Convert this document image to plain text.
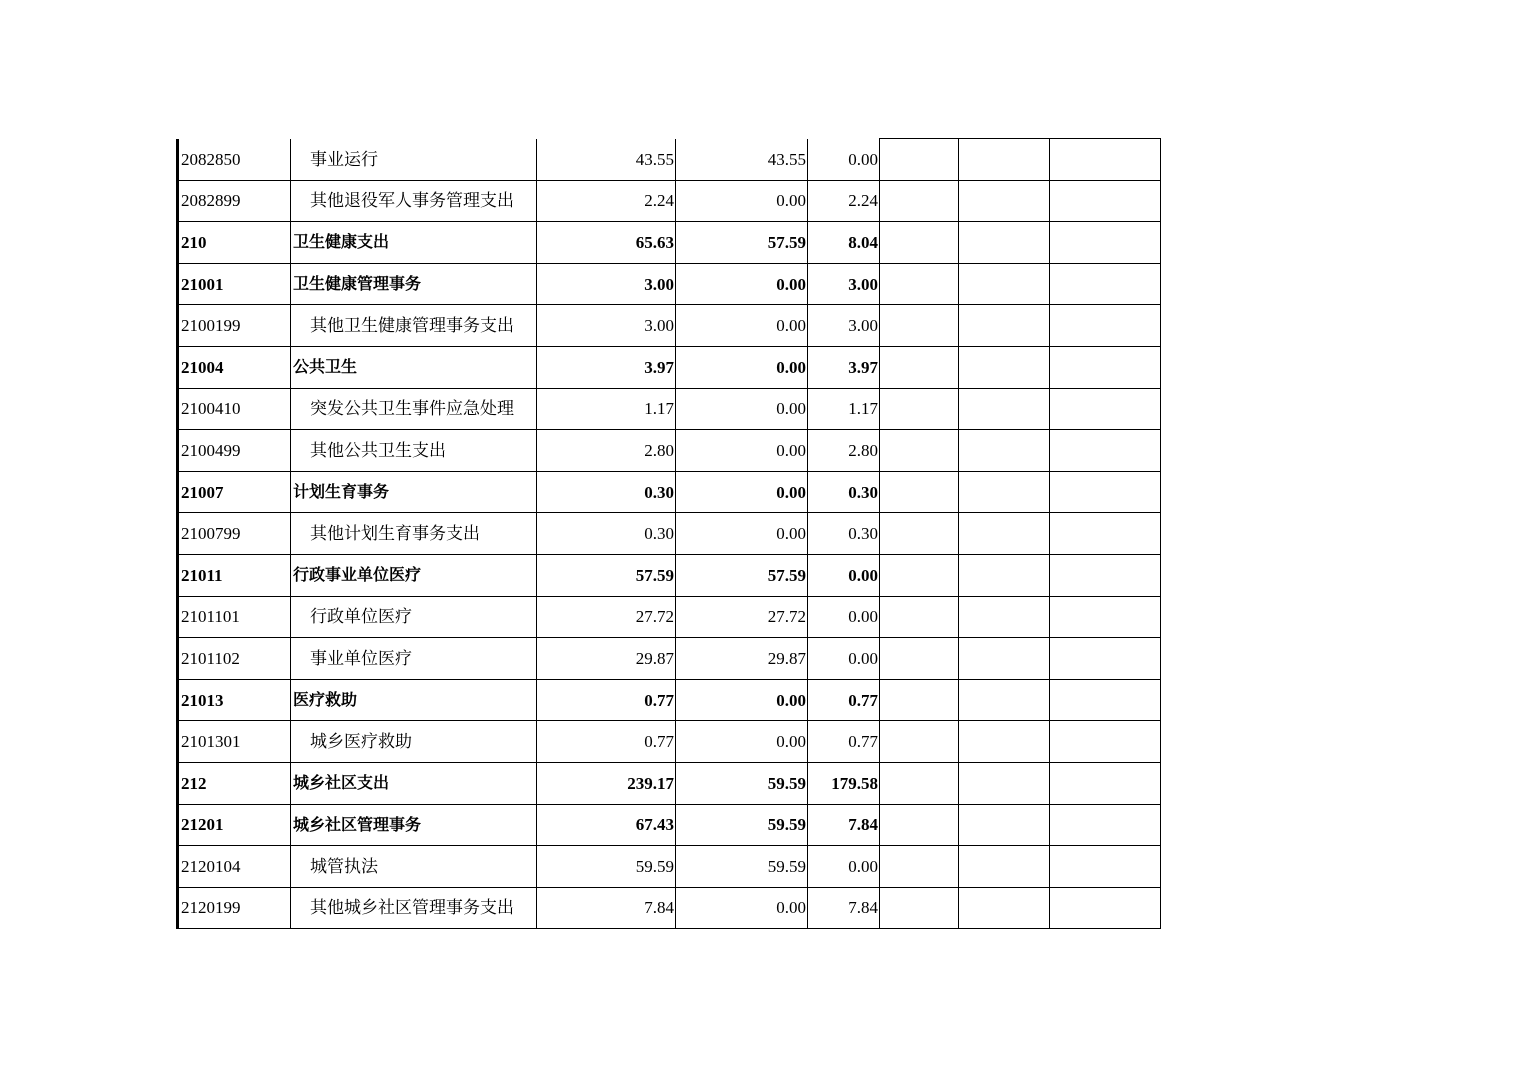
2082850	事业运行	43.55	43.55	0.00			
2082899	其他退役军人事务管理支出	2.24	0.00	2.24			
210	卫生健康支出	65.63	57.59	8.04			
21001	卫生健康管理事务	3.00	0.00	3.00			
2100199	其他卫生健康管理事务支出	3.00	0.00	3.00			
21004	公共卫生	3.97	0.00	3.97			
2100410	突发公共卫生事件应急处理	1.17	0.00	1.17			
2100499	其他公共卫生支出	2.80	0.00	2.80			
21007	计划生育事务	0.30	0.00	0.30			
2100799	其他计划生育事务支出	0.30	0.00	0.30			
21011	行政事业单位医疗	57.59	57.59	0.00			
2101101	行政单位医疗	27.72	27.72	0.00			
2101102	事业单位医疗	29.87	29.87	0.00			
21013	医疗救助	0.77	0.00	0.77			
2101301	城乡医疗救助	0.77	0.00	0.77			
212	城乡社区支出	239.17	59.59	179.58			
21201	城乡社区管理事务	67.43	59.59	7.84			
2120104	城管执法	59.59	59.59	0.00			
2120199	其他城乡社区管理事务支出	7.84	0.00	7.84			
